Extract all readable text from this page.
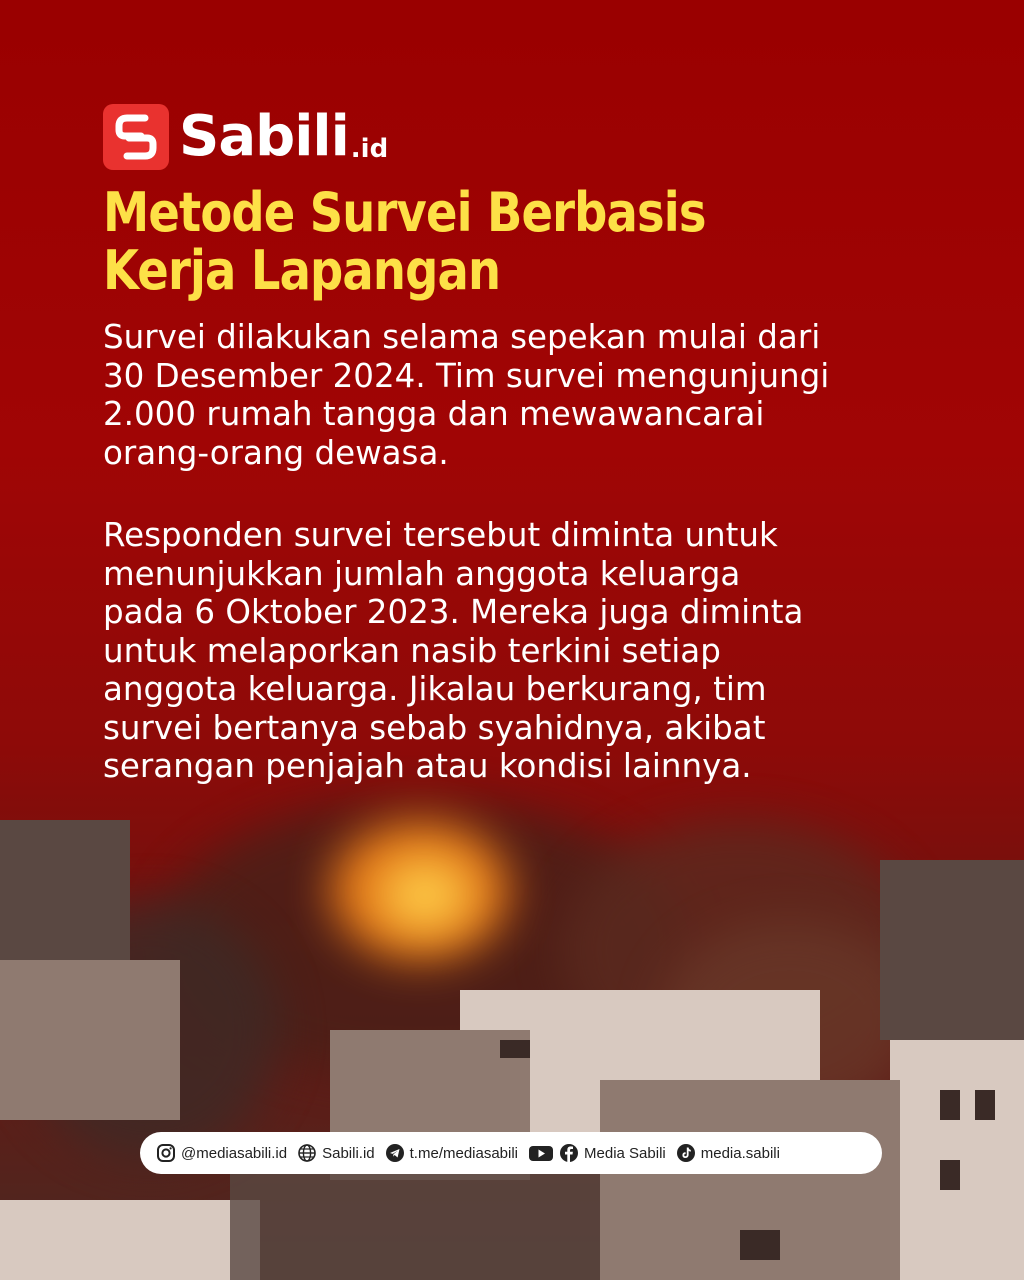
Sabili .id
Metode Survei Berbasis
Kerja Lapangan
Survei dilakukan selama sepekan mulai dari
30 Desember 2024. Tim survei mengunjungi
2.000 rumah tangga dan mewawancarai
orang-orang dewasa.
Responden survei tersebut diminta untuk
menunjukkan jumlah anggota keluarga
pada 6 Oktober 2023. Mereka juga diminta
untuk melaporkan nasib terkini setiap
anggota keluarga. Jikalau berkurang, tim
survei bertanya sebab syahidnya, akibat
serangan penjajah atau kondisi lainnya.
@mediasabili.id Sabili.id t.me/mediasabili	Media Sabili media.sabili
